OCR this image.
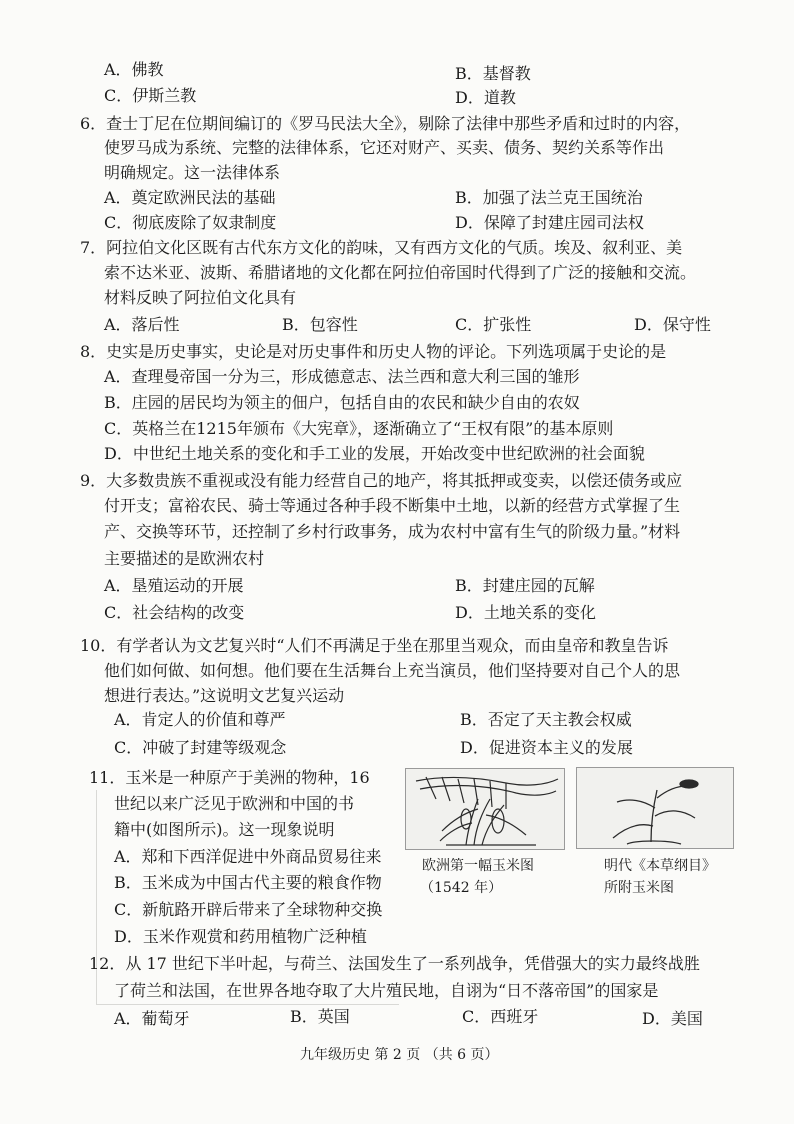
A．佛教	B．基督教
C．伊斯兰教	D．道教
6．查士丁尼在位期间编订的《罗马民法大全》，剔除了法律中那些矛盾和过时的内容，
使罗马成为系统、完整的法律体系，它还对财产、买卖、债务、契约关系等作出
明确规定。这一法律体系
A．奠定欧洲民法的基础	B．加强了法兰克王国统治
C．彻底废除了奴隶制度	D．保障了封建庄园司法权
7．阿拉伯文化区既有古代东方文化的韵味，又有西方文化的气质。埃及、叙利亚、美
索不达米亚、波斯、希腊诸地的文化都在阿拉伯帝国时代得到了广泛的接触和交流。
材料反映了阿拉伯文化具有
A．落后性	B．包容性	C．扩张性	D．保守性
8．史实是历史事实，史论是对历史事件和历史人物的评论。下列选项属于史论的是
A．查理曼帝国一分为三，形成德意志、法兰西和意大利三国的雏形
B．庄园的居民均为领主的佃户，包括自由的农民和缺少自由的农奴
C．英格兰在1215年颁布《大宪章》，逐渐确立了“王权有限”的基本原则
D．中世纪土地关系的变化和手工业的发展，开始改变中世纪欧洲的社会面貌
9．大多数贵族不重视或没有能力经营自己的地产，将其抵押或变卖，以偿还债务或应
付开支；富裕农民、骑士等通过各种手段不断集中土地，以新的经营方式掌握了生
产、交换等环节，还控制了乡村行政事务，成为农村中富有生气的阶级力量。”材料
主要描述的是欧洲农村
A．垦殖运动的开展	B．封建庄园的瓦解
C．社会结构的改变	D．土地关系的变化
10．有学者认为文艺复兴时“人们不再满足于坐在那里当观众，而由皇帝和教皇告诉
他们如何做、如何想。他们要在生活舞台上充当演员，他们坚持要对自己个人的思
想进行表达。”这说明文艺复兴运动
A．肯定人的价值和尊严	B．否定了天主教会权威
C．冲破了封建等级观念	D．促进资本主义的发展
11．玉米是一种原产于美洲的物种，16
世纪以来广泛见于欧洲和中国的书
籍中(如图所示)。这一现象说明
A．郑和下西洋促进中外商品贸易往来
B．玉米成为中国古代主要的粮食作物
C．新航路开辟后带来了全球物种交换
D．玉米作观赏和药用植物广泛种植
欧洲第一幅玉米图
（1542 年）
明代《本草纲目》
所附玉米图
12．从 17 世纪下半叶起，与荷兰、法国发生了一系列战争，凭借强大的实力最终战胜
了荷兰和法国，在世界各地夺取了大片殖民地，自诩为“日不落帝国”的国家是
A．葡萄牙	B．英国	C．西班牙	D．美国
九年级历史 第 2 页 （共 6 页）
